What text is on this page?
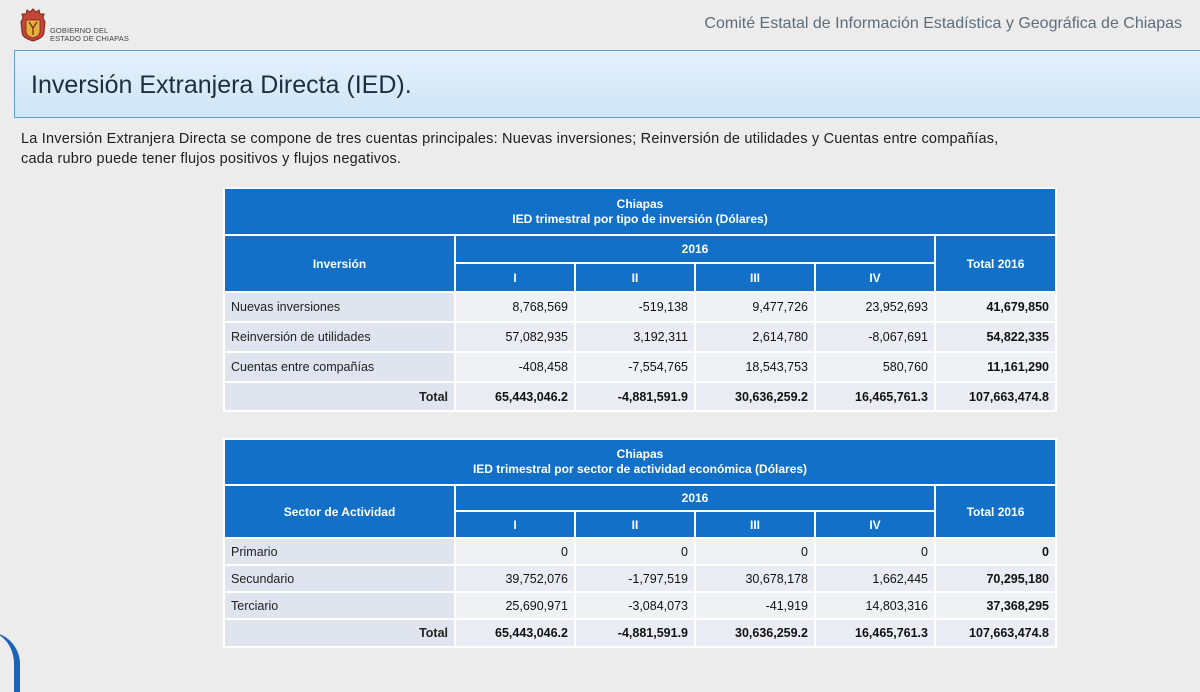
GOBIERNO DEL
ESTADO DE CHIAPAS
Comité Estatal de Información Estadística y Geográfica de Chiapas
Inversión Extranjera Directa (IED).

La Inversión Extranjera Directa se compone de tres cuentas principales: Nuevas inversiones; Reinversión de utilidades y Cuentas entre compañías,

cada rubro puede tener flujos positivos y flujos negativos.

Chiapas
IED trimestral por tipo de inversión (Dólares)					

Inversión	2016				Total 2016
	I	II	III	IV	
Nuevas inversiones	8,768,569	-519,138	9,477,726	23,952,693	41,679,850
Reinversión de utilidades	57,082,935	3,192,311	2,614,780	-8,067,691	54,822,335
Cuentas entre compañías	-408,458	-7,554,765	18,543,753	580,760	11,161,290
Total	65,443,046.2	-4,881,591.9	30,636,259.2	16,465,761.3	107,663,474.8
Chiapas
IED trimestral por sector de actividad económica (Dólares)					

Sector de Actividad	2016				Total 2016
	I	II	III	IV	
Primario	0	0	0	0	0
Secundario	39,752,076	-1,797,519	30,678,178	1,662,445	70,295,180
Terciario	25,690,971	-3,084,073	-41,919	14,803,316	37,368,295
Total	65,443,046.2	-4,881,591.9	30,636,259.2	16,465,761.3	107,663,474.8
